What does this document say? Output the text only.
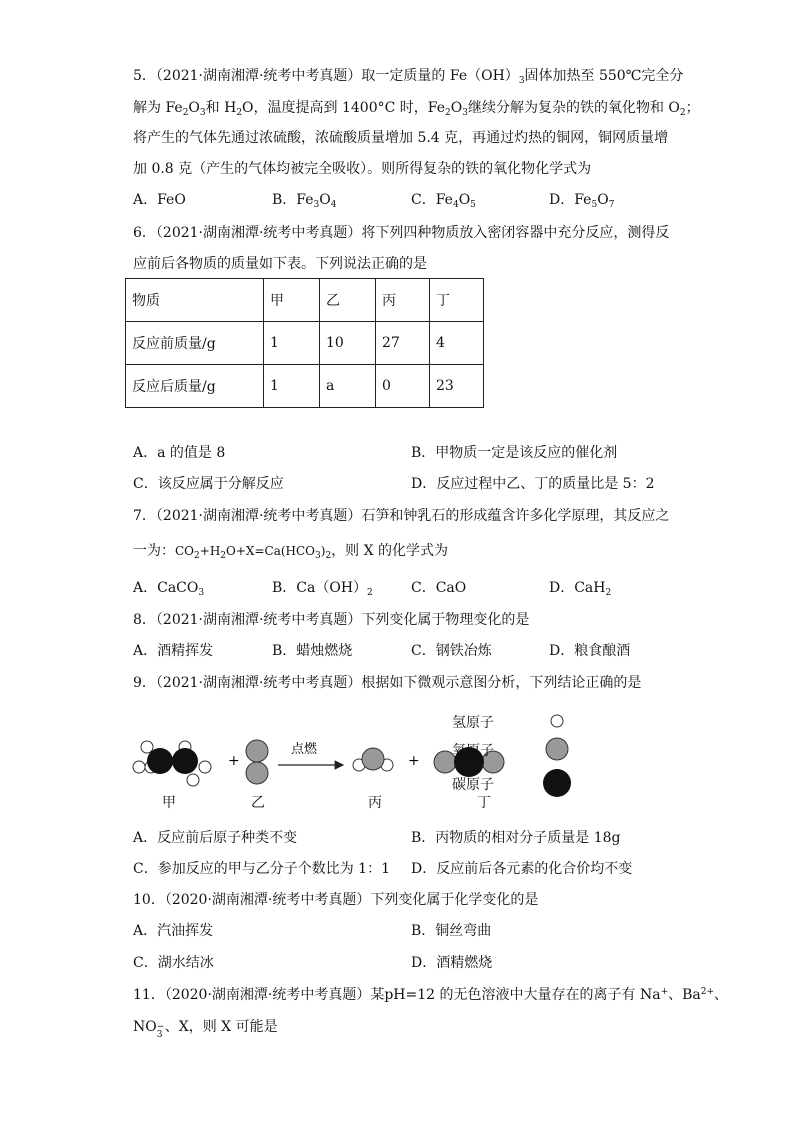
5．（2021·湖南湘潭·统考中考真题）取一定质量的 $Fe(OH)_3$固体加热至 550℃完全分
解为 $Fe_2O_3$和 $H_2O$，温度提高到 1400°C 时，$Fe_2O_3$继续分解为复杂的铁的氧化物和 $O_2$；
将产生的气体先通过浓硫酸，浓硫酸质量增加 5.4 克，再通过灼热的铜网，铜网质量增
加 0.8 克（产生的气体均被完全吸收）。则所得复杂的铁的氧化物化学式为
A．FeO	B．$Fe_3O_4$	C．$Fe_4O_5$	D．$Fe_5O_7$
6．（2021·湖南湘潭·统考中考真题）将下列四种物质放入密闭容器中充分反应，测得反
应前后各物质的质量如下表。下列说法正确的是
物质	甲	乙	丙	丁
反应前质量/g	1	10	27	4
反应后质量/g	1	a	0	23
A．a 的值是 8	B．甲物质一定是该反应的催化剂
C．该反应属于分解反应	D．反应过程中乙、丁的质量比是 5：2
7．（2021·湖南湘潭·统考中考真题）石笋和钟乳石的形成蕴含许多化学原理，其反应之
一为：$CO_2+H_2O+X=Ca(HCO_3)_2$，则 X 的化学式为
A．CaCO$_3$	B．$Ca(OH)_2$	C．CaO	D．CaH$_2$
8．（2021·湖南湘潭·统考中考真题）下列变化属于物理变化的是
A．酒精挥发	B．蜡烛燃烧	C．钢铁冶炼	D．粮食酿酒
9．（2021·湖南湘潭·统考中考真题）根据如下微观示意图分析，下列结论正确的是
+
点燃
+
氢原子
氧原子
碳原子
甲	乙	丙	丁
A．反应前后原子种类不变	B．丙物质的相对分子质量是 18g
C．参加反应的甲与乙分子个数比为 1：1 D．反应前后各元素的化合价均不变
10．（2020·湖南湘潭·统考中考真题）下列变化属于化学变化的是
A．汽油挥发	B．铜丝弯曲
C．湖水结冰	D．酒精燃烧
11．（2020·湖南湘潭·统考中考真题）某pH=12 的无色溶液中大量存在的离子有 Na+、$Ba^{2+}$、
NO −
3 、X，则 X 可能是
